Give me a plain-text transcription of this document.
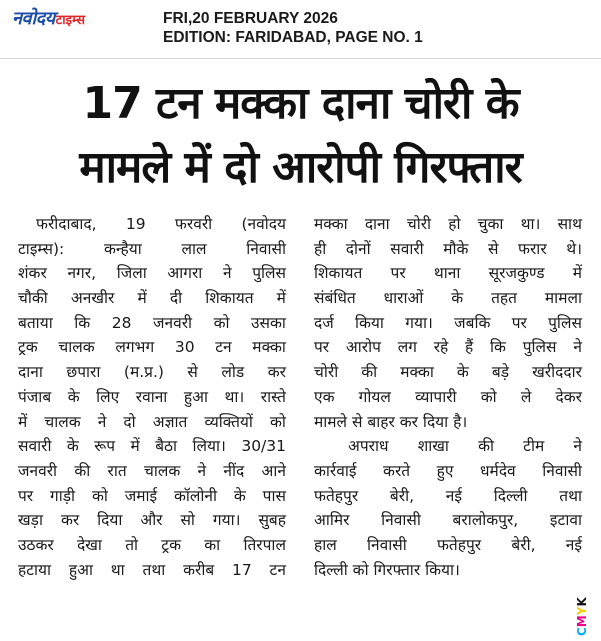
नवोदयटाइम्स	FRI,20 FEBRUARY 2026
EDITION: FARIDABAD, PAGE NO. 1
17 टन मक्का दाना चोरी के
मामले में दो आरोपी गिरफ्तार
फरीदाबाद, 19 फरवरी (नवोदय
टाइम्स):	कन्हैया	लाल	निवासी
शंकर नगर, जिला आगरा ने पुलिस
चौकी अनखीर में दी शिकायत में
बताया कि 28 जनवरी को उसका
ट्रक चालक लगभग 30 टन मक्का
दाना छपारा (म.प्र.) से लोड कर
पंजाब के लिए रवाना हुआ था। रास्ते
में चालक ने दो अज्ञात व्यक्तियों को
सवारी के रूप में बैठा लिया। 30/31
जनवरी की रात चालक ने नींद आने
पर गाड़ी को जमाई कॉलोनी के पास
खड़ा कर दिया और सो गया। सुबह
उठकर देखा तो ट्रक का तिरपाल
हटाया हुआ था तथा करीब 17 टन
मक्का दाना चोरी हो चुका था। साथ
ही दोनों सवारी मौके से फरार थे।
शिकायत पर थाना सूरजकुण्ड में
संबंधित धाराओं के तहत मामला
दर्ज किया गया। जबकि पर पुलिस
पर आरोप लग रहे हैं कि पुलिस ने
चोरी की मक्का के बड़े खरीददार
एक गोयल व्यापारी को ले देकर
मामले से बाहर कर दिया है।
अपराध शाखा की टीम ने
कार्रवाई करते हुए धर्मदेव निवासी
फतेहपुर बेरी, नई दिल्ली तथा
आमिर निवासी बरालोकपुर, इटावा
हाल निवासी फतेहपुर बेरी, नई
दिल्ली को गिरफ्तार किया।
CMYK
